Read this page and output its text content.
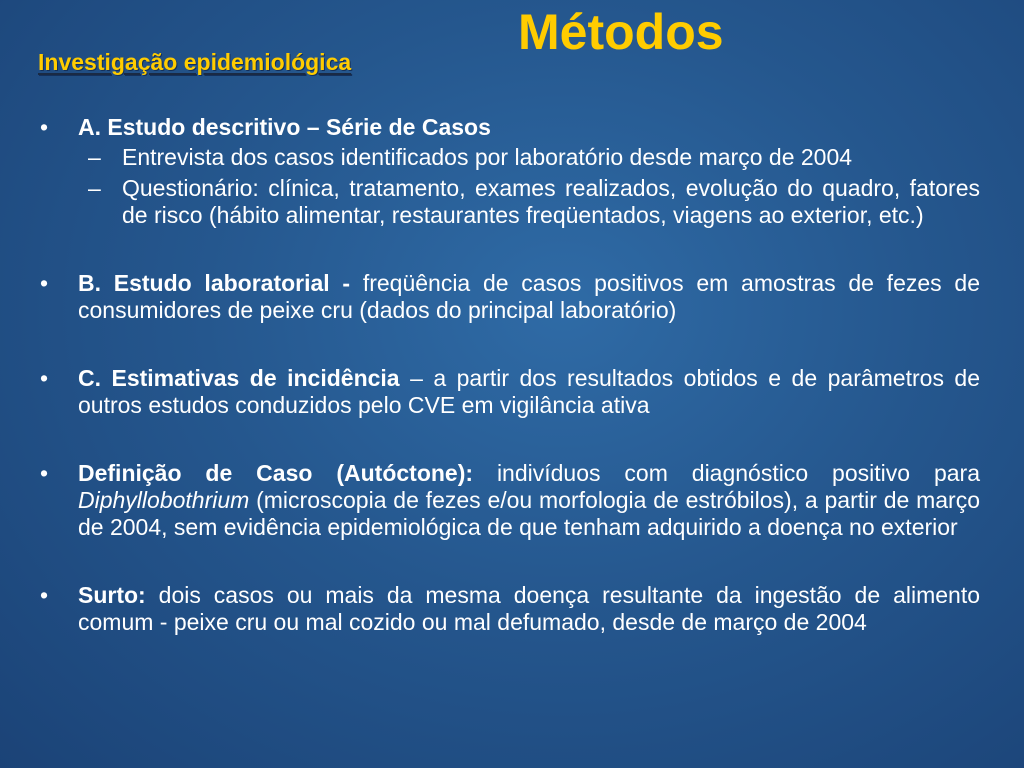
Métodos
Investigação epidemiológica
• A. Estudo descritivo – Série de Casos
– Entrevista dos casos identificados por laboratório desde março de 2004
– Questionário: clínica, tratamento, exames realizados, evolução do quadro, fatores de risco (hábito alimentar, restaurantes freqüentados, viagens ao exterior, etc.)
• B. Estudo laboratorial - freqüência de casos positivos em amostras de fezes de consumidores de peixe cru (dados do principal laboratório)
• C. Estimativas de incidência – a partir dos resultados obtidos e de parâmetros de outros estudos conduzidos pelo CVE em vigilância ativa
• Definição de Caso (Autóctone): indivíduos com diagnóstico positivo para Diphyllobothrium (microscopia de fezes e/ou morfologia de estróbilos), a partir de março de 2004, sem evidência epidemiológica de que tenham adquirido a doença no exterior
• Surto: dois casos ou mais da mesma doença resultante da ingestão de alimento comum - peixe cru ou mal cozido ou mal defumado, desde de março de 2004
